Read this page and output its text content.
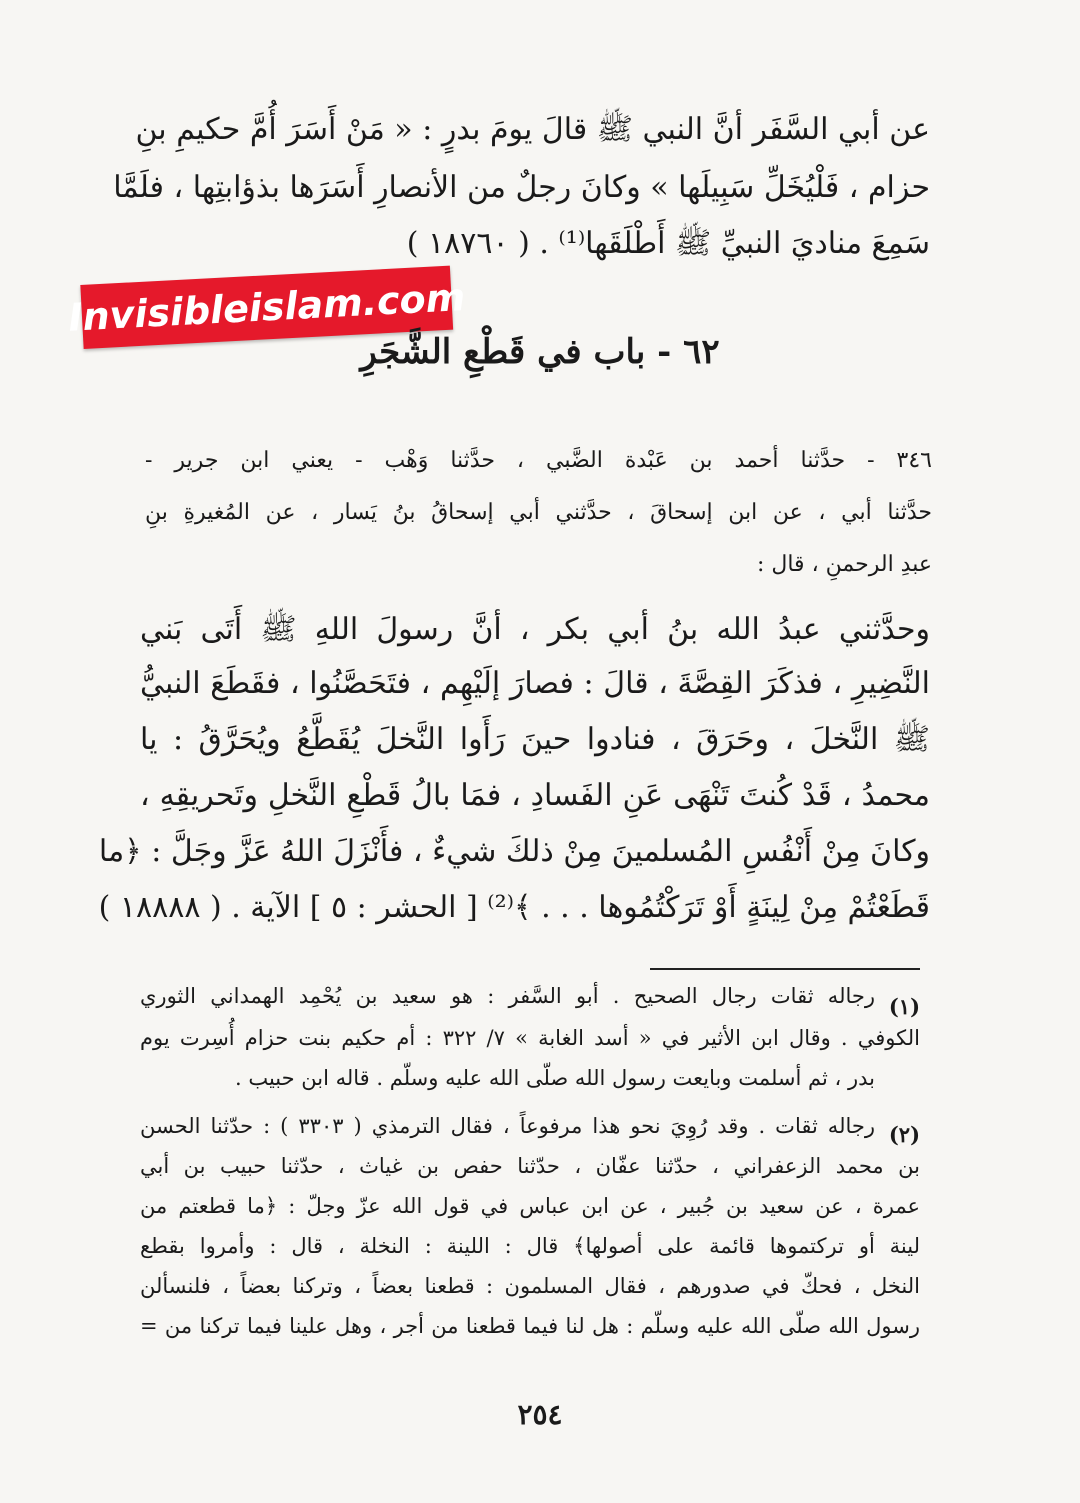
عن أبي السَّفَر أنَّ النبي ﷺ قالَ يومَ بدرٍ : « مَنْ أَسَرَ أُمَّ حكيمِ بنِ
حزام ، فَلْيُخَلِّ سَبِيلَها » وكانَ رجلٌ من الأنصارِ أَسَرَها بذؤابتِها ، فلَمَّا
سَمِعَ مناديَ النبيِّ ﷺ أَطْلَقَها⁽¹⁾ . ( ١٨٧٦٠ )
Invisibleislam.com
٦٢ - باب في قَطْعِ الشَّجَرِ
٣٤٦ - حدَّثنا أحمد بن عَبْدة الضَّبي ، حدَّثنا وَهْب - يعني ابن جرير -
حدَّثنا أبي ، عن ابن إسحاقَ ، حدَّثني أبي إسحاقُ بنُ يَسار ، عن المُغيرةِ بنِ
عبدِ الرحمنِ ، قال :
وحدَّثني عبدُ الله بنُ أبي بكر ، أنَّ رسولَ اللهِ ﷺ أَتَى بَني
النَّضِيرِ ، فذكَرَ القِصَّةَ ، قالَ : فصارَ إلَيْهِم ، فتَحَصَّنُوا ، فقَطَعَ النبيُّ
ﷺ النَّخلَ ، وحَرَقَ ، فنادوا حينَ رَأَوا النَّخلَ يُقَطَّعُ ويُحَرَّقُ : يا
محمدُ ، قَدْ كُنتَ تَنْهَى عَنِ الفَسادِ ، فمَا بالُ قَطْعِ النَّخلِ وتَحريقِهِ ،
وكانَ مِنْ أَنْفُسِ المُسلمينَ مِنْ ذلكَ شيءٌ ، فأَنْزَلَ اللهُ عَزَّ وجَلَّ : ﴿ما
قَطَعْتُمْ مِنْ لِينَةٍ أَوْ تَرَكْتُمُوها . . . ﴾⁽²⁾ [ الحشر : ٥ ] الآية . ( ١٨٨٨٨ )
(١)
رجاله ثقات رجال الصحيح . أبو السَّفر : هو سعيد بن يُحْمِد الهمداني الثوري
الكوفي . وقال ابن الأثير في « أسد الغابة » ٧/ ٣٢٢ : أم حكيم بنت حزام أُسِرت يوم
بدر ، ثم أسلمت وبايعت رسول الله صلّى الله عليه وسلّم . قاله ابن حبيب .
(٢)
رجاله ثقات . وقد رُوِيَ نحو هذا مرفوعاً ، فقال الترمذي ( ٣٣٠٣ ) : حدّثنا الحسن
بن محمد الزعفراني ، حدّثنا عفّان ، حدّثنا حفص بن غياث ، حدّثنا حبيب بن أبي
عمرة ، عن سعيد بن جُبير ، عن ابن عباس في قول الله عزّ وجلّ : ﴿ما قطعتم من
لينة أو تركتموها قائمة على أصولها﴾ قال : اللينة : النخلة ، قال : وأمروا بقطع
النخل ، فحكّ في صدورهم ، فقال المسلمون : قطعنا بعضاً ، وتركنا بعضاً ، فلنسألن
رسول الله صلّى الله عليه وسلّم : هل لنا فيما قطعنا من أجر ، وهل علينا فيما تركنا من =
٢٥٤
